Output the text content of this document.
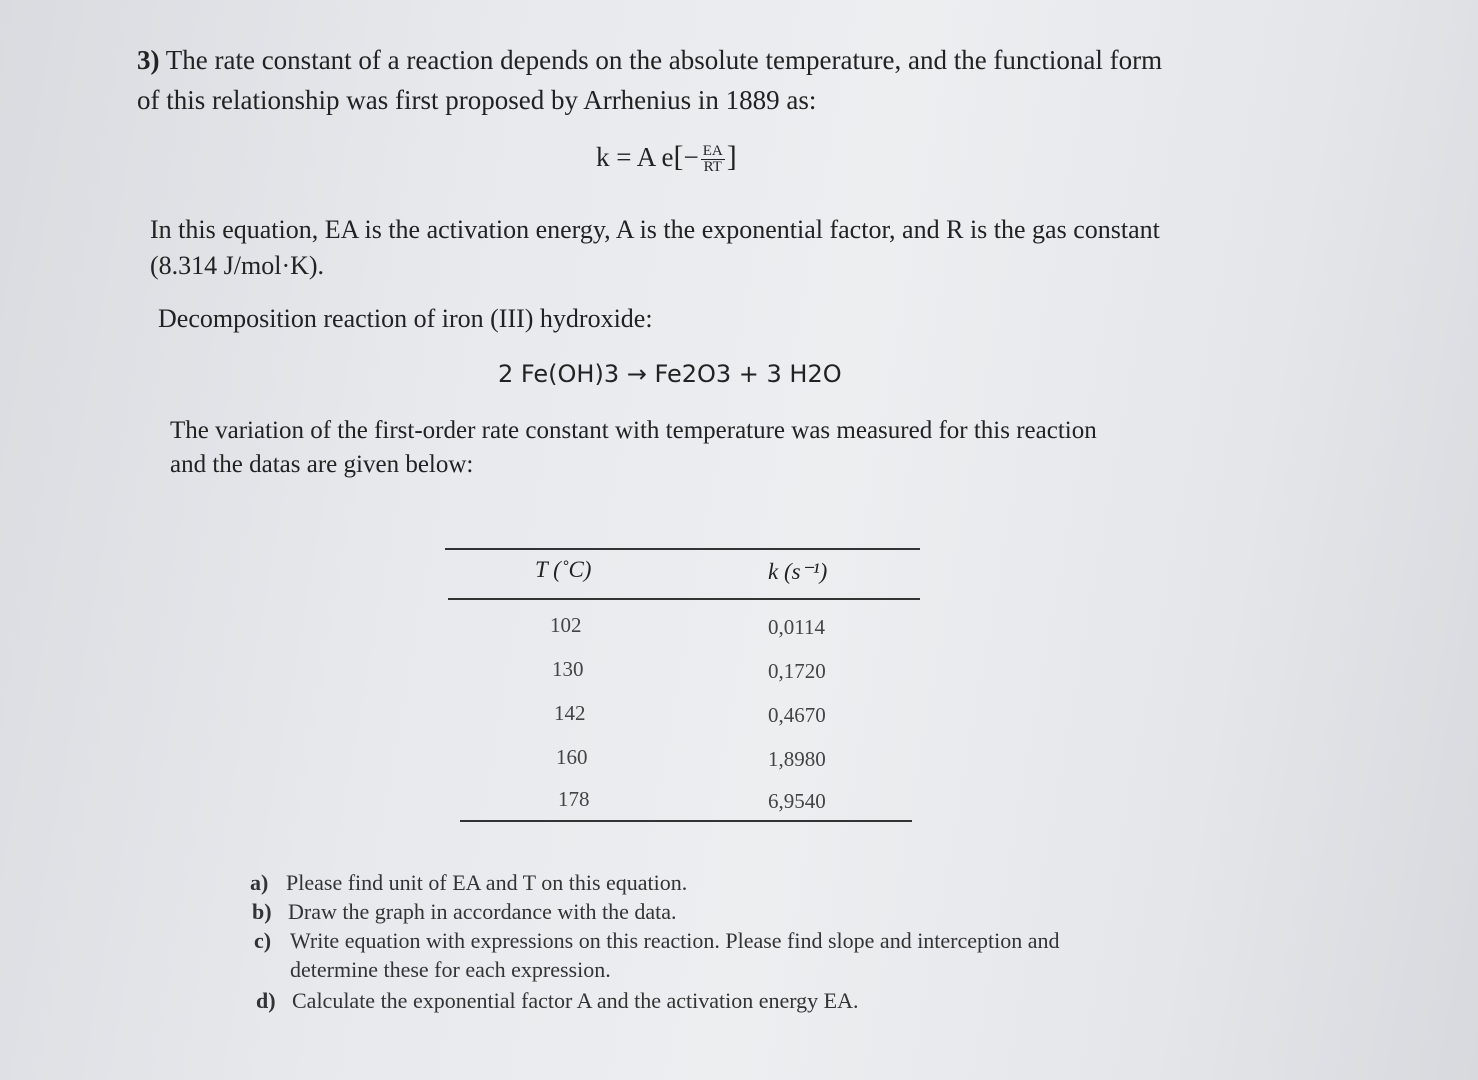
3) The rate constant of a reaction depends on the absolute temperature, and the functional form
of this relationship was first proposed by Arrhenius in 1889 as:
k = A $e[- \frac{EA}{RT}]$
In this equation, EA is the activation energy, A is the exponential factor, and R is the gas constant
(8.314 J/mol·K).
Decomposition reaction of iron (III) hydroxide:
2 Fe(OH)3 → Fe2O3 + 3 H2O
The variation of the first-order rate constant with temperature was measured for this reaction
and the datas are given below:
T (˚C)	k (s⁻¹)
102	0,0114
130	0,1720
142	0,4670
160	1,8980
178	6,9540
a) Please find unit of EA and T on this equation.
b) Draw the graph in accordance with the data.
c) Write equation with expressions on this reaction. Please find slope and interception and
determine these for each expression.
d) Calculate the exponential factor A and the activation energy EA.
